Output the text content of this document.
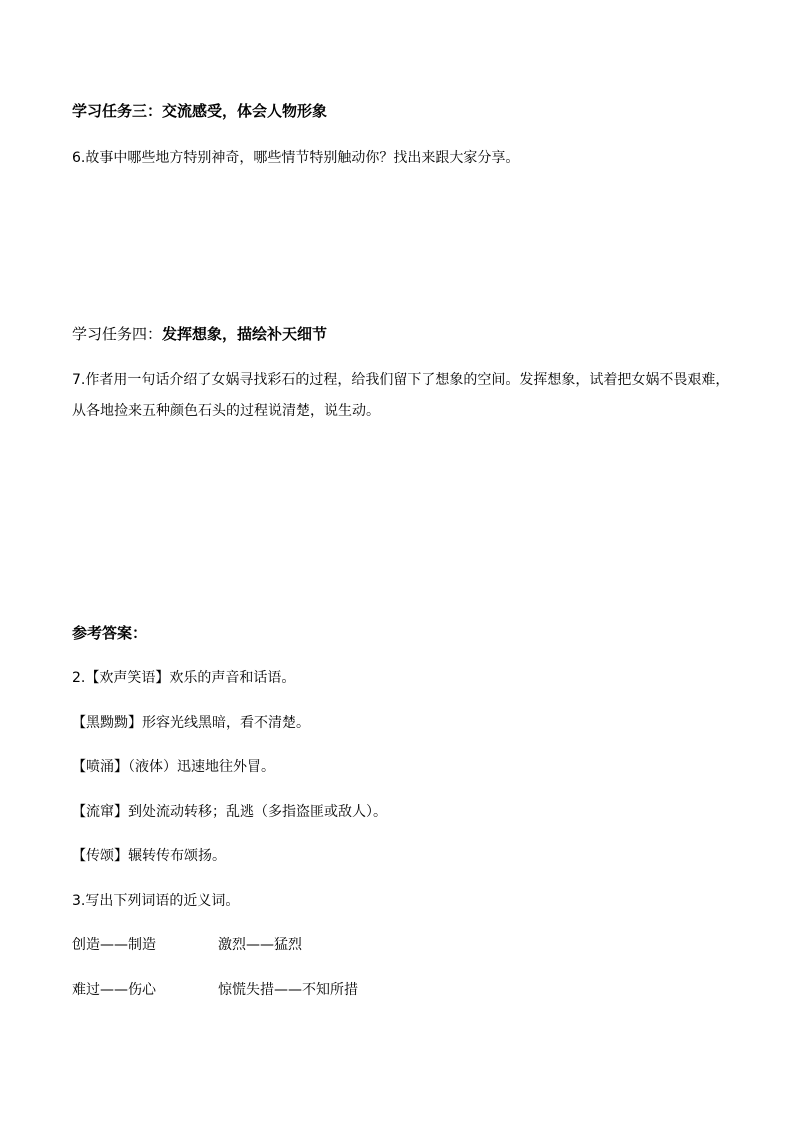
学习任务三：交流感受，体会人物形象
6.故事中哪些地方特别神奇，哪些情节特别触动你？找出来跟大家分享。
学习任务四：发挥想象，描绘补天细节
7.作者用一句话介绍了女娲寻找彩石的过程，给我们留下了想象的空间。发挥想象，试着把女娲不畏艰难，
从各地捡来五种颜色石头的过程说清楚，说生动。
参考答案：
2.【欢声笑语】欢乐的声音和话语。
【黑黝黝】形容光线黑暗，看不清楚。
【喷涌】（液体）迅速地往外冒。
【流窜】到处流动转移；乱逃（多指盗匪或敌人）。
【传颂】辗转传布颂扬。
3.写出下列词语的近义词。
创造——制造	激烈——猛烈
难过——伤心	惊慌失措——不知所措
